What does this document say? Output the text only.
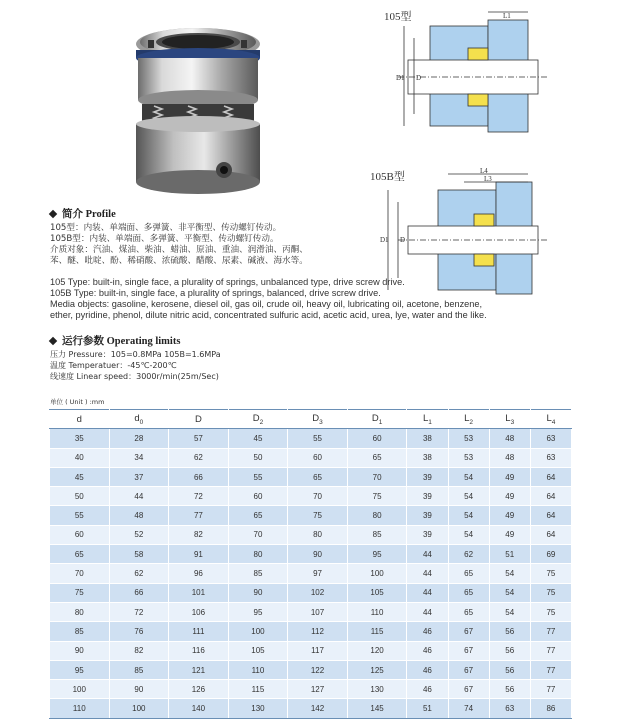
105型
D1 D
L1
105B型
D1 D
L4
L3
简介 Profile
105型：内装、单端面、多弹簧、非平衡型、传动螺钉传动。
105B型：内装、单端面、多弹簧、平衡型、传动螺钉传动。
介质对象：汽油、煤油、柴油、蜡油、原油、重油、润滑油、丙酮、
苯、醚、吡啶、酚、稀硝酸、浓硫酸、醋酸、尿素、碱液、海水等。
105 Type: built-in, single face, a plurality of springs, unbalanced type, drive screw drive.
105B Type: built-in, single face, a plurality of springs, balanced, drive screw drive.
Media objects: gasoline, kerosene, diesel oil, gas oil, crude oil, heavy oil, lubricating oil, acetone, benzene,
ether, pyridine, phenol, dilute nitric acid, concentrated sulfuric acid, acetic acid, urea, lye, water and the like.
运行参数 Operating limits
压力 Pressure：105=0.8MPa 105B=1.6MPa
温度 Temperatuer：-45℃-200℃
线速度 Linear speed：3000r/min(25m/Sec)
单位 ( Unit ) :mm
d	$d_0$	D	$D_2$	$D_3$	$D_1$	$L_1$	$L_2$	$L_3$	$L_4$
35	28	57	45	55	60	38	53	48	63
40	34	62	50	60	65	38	53	48	63
45	37	66	55	65	70	39	54	49	64
50	44	72	60	70	75	39	54	49	64
55	48	77	65	75	80	39	54	49	64
60	52	82	70	80	85	39	54	49	64
65	58	91	80	90	95	44	62	51	69
70	62	96	85	97	100	44	65	54	75
75	66	101	90	102	105	44	65	54	75
80	72	106	95	107	110	44	65	54	75
85	76	111	100	112	115	46	67	56	77
90	82	116	105	117	120	46	67	56	77
95	85	121	110	122	125	46	67	56	77
100	90	126	115	127	130	46	67	56	77
110	100	140	130	142	145	51	74	63	86
